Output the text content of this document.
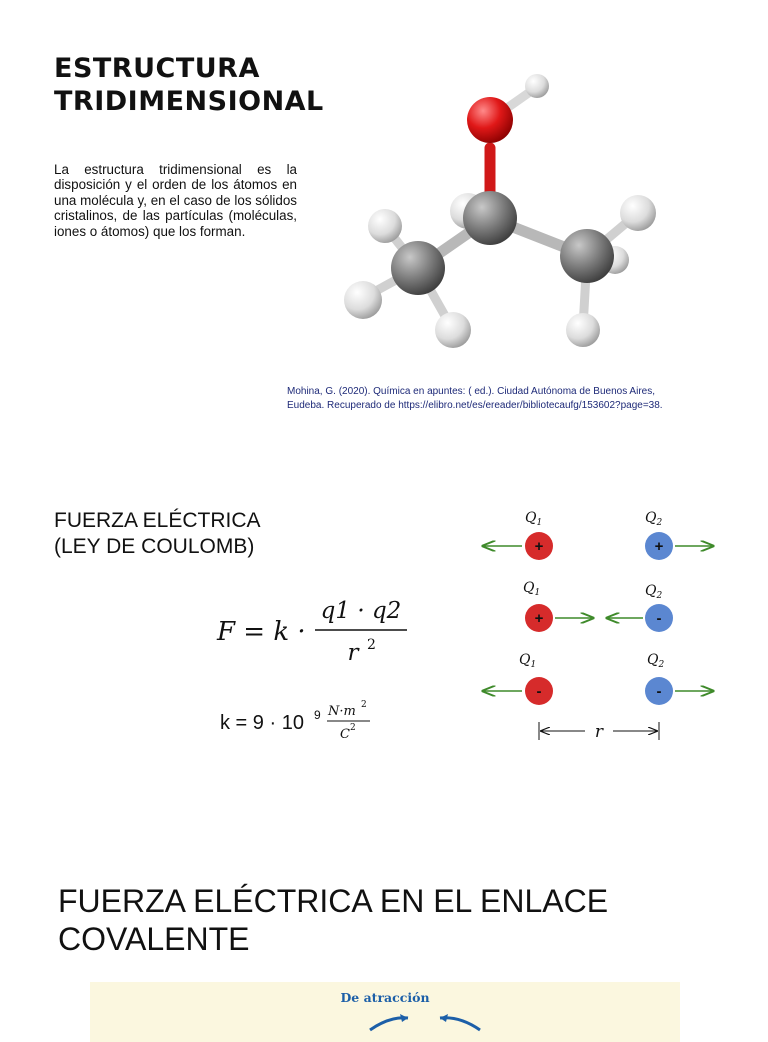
ESTRUCTURA
TRIDIMENSIONAL

La estructura tridimensional es la disposición y el orden de los átomos en una molécula y, en el caso de los sólidos cristalinos, de las partículas (moléculas, iones o átomos) que los forman.

Mohina, G. (2020). Química en apuntes: ( ed.). Ciudad Autónoma de Buenos Aires,
Eudeba. Recuperado de https://elibro.net/es/ereader/bibliotecaufg/153602?page=38.

FUERZA ELÉCTRICA
(LEY DE COULOMB)
F = k ·
q1 · q2
r 2
k = 9 · 10 9 N·m 2
C 2
$Q_1$	$Q_2$
+	+
$Q_1$	$Q_2$
+	-
$Q_1$	$Q_2$
-	-
r
FUERZA ELÉCTRICA EN EL ENLACE
COVALENTE
De atracción
